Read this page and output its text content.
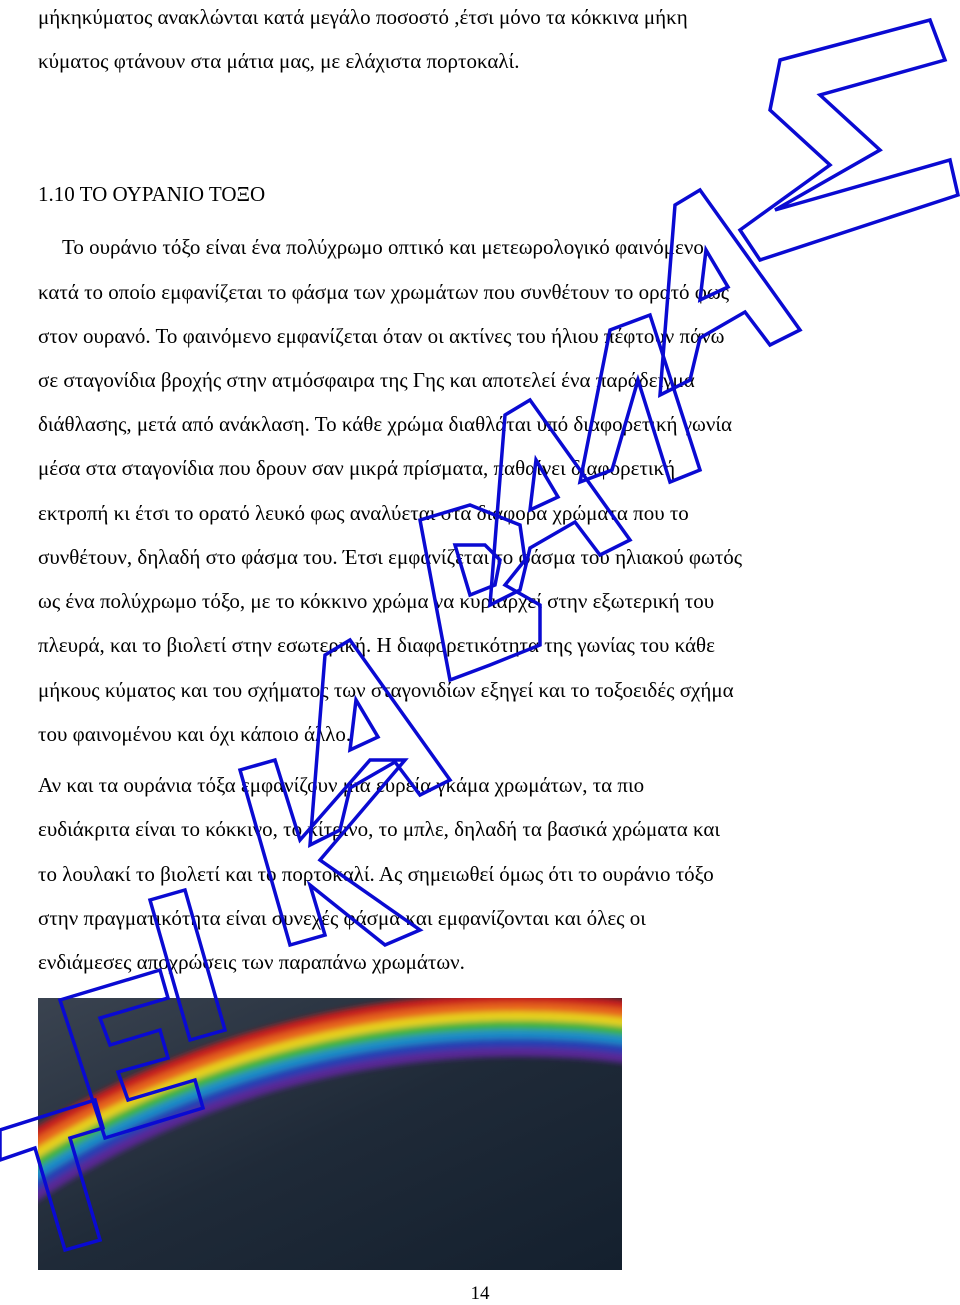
μήκηκύματος ανακλώνται κατά μεγάλο ποσοστό ,έτσι μόνο τα κόκκινα μήκη
κύματος φτάνουν στα μάτια μας, με ελάχιστα πορτοκαλί.
1.10 ΤΟ ΟΥΡΑΝΙΟ ΤΟΞΟ
Το ουράνιο τόξο είναι ένα πολύχρωμο οπτικό και μετεωρολογικό φαινόμενο,
κατά το οποίο εμφανίζεται το φάσμα των χρωμάτων που συνθέτουν το ορατό φως
στον ουρανό. Το φαινόμενο εμφανίζεται όταν οι ακτίνες του ήλιου πέφτουν πάνω
σε σταγονίδια βροχής στην ατμόσφαιρα της Γης και αποτελεί ένα παράδειγμα
διάθλασης, μετά από ανάκλαση. Το κάθε χρώμα διαθλάται υπό διαφορετική γωνία
μέσα στα σταγονίδια που δρουν σαν μικρά πρίσματα, παθαίνει διαφορετική
εκτροπή κι έτσι το ορατό λευκό φως αναλύεται στα διάφορα χρώματα που το
συνθέτουν, δηλαδή στο φάσμα του. Έτσι εμφανίζεται το φάσμα του ηλιακού φωτός
ως ένα πολύχρωμο τόξο, με το κόκκινο χρώμα να κυριαρχεί στην εξωτερική του
πλευρά, και το βιολετί στην εσωτερική. Η διαφορετικότητα της γωνίας του κάθε
μήκους κύματος και του σχήματος των σταγονιδίων εξηγεί και το τοξοειδές σχήμα
του φαινομένου και όχι κάποιο άλλο.
Αν και τα ουράνια τόξα εμφανίζουν μια ευρεία γκάμα χρωμάτων, τα πιο
ευδιάκριτα είναι το κόκκινο, το κίτρινο, το μπλε, δηλαδή τα βασικά χρώματα και
το λουλακί το βιολετί και το πορτοκαλί. Ας σημειωθεί όμως ότι το ουράνιο τόξο
στην πραγματικότητα είναι συνεχές φάσμα και εμφανίζονται και όλες οι
ενδιάμεσες αποχρώσεις των παραπάνω χρωμάτων.
14
